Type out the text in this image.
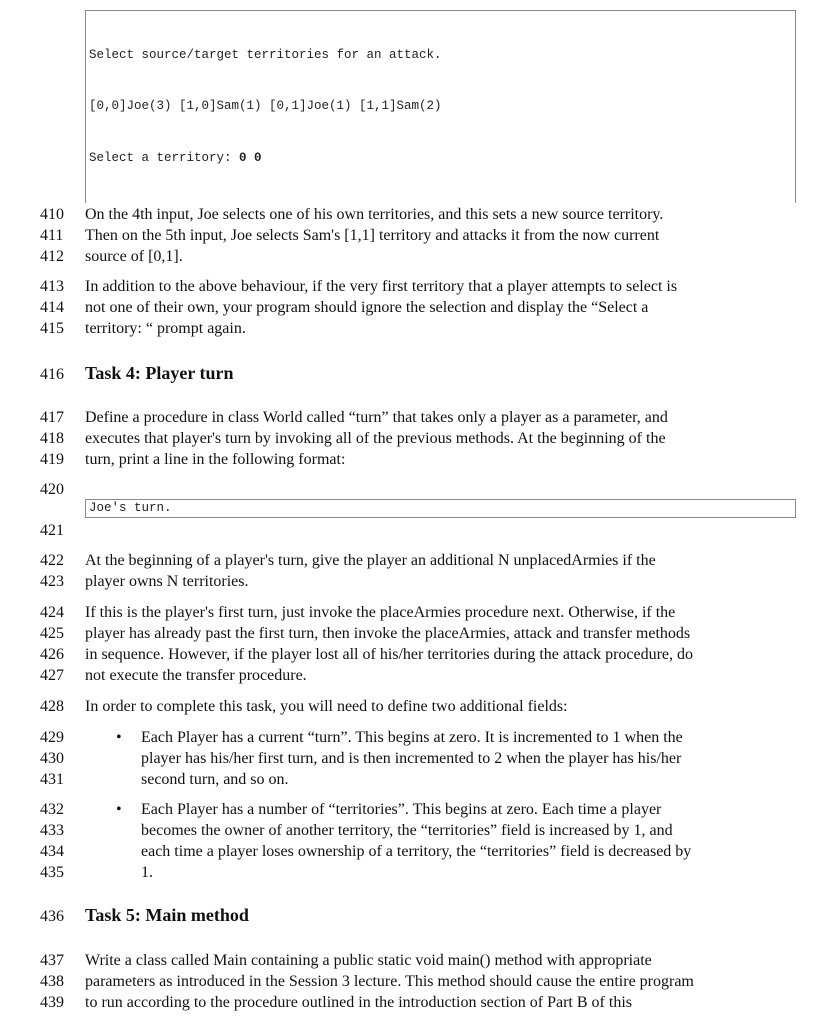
Select source/target territories for an attack.

[0,0]Joe(3) [1,0]Sam(1) [0,1]Joe(1) [1,1]Sam(2)

Select a territory: 0 0

410	On the 4th input, Joe selects one of his own territories, and this sets a new source territory.
411	Then on the 5th input, Joe selects Sam's [1,1] territory and attacks it from the now current
412	source of [0,1].
413	In addition to the above behaviour, if the very first territory that a player attempts to select is
414	not one of their own, your program should ignore the selection and display the “Select a
415	territory: “ prompt again.
416	Task 4: Player turn
417	Define a procedure in class World called “turn” that takes only a player as a parameter, and
418	executes that player's turn by invoking all of the previous methods. At the beginning of the
419	turn, print a line in the following format:
420
Joe's turn.
421
422	At the beginning of a player's turn, give the player an additional N unplacedArmies if the
423	player owns N territories.
424	If this is the player's first turn, just invoke the placeArmies procedure next. Otherwise, if the
425	player has already past the first turn, then invoke the placeArmies, attack and transfer methods
426	in sequence. However, if the player lost all of his/her territories during the attack procedure, do
427	not execute the transfer procedure.
428	In order to complete this task, you will need to define two additional fields:
429	• Each Player has a current “turn”. This begins at zero. It is incremented to 1 when the
430	player has his/her first turn, and is then incremented to 2 when the player has his/her
431	second turn, and so on.
432	• Each Player has a number of “territories”. This begins at zero. Each time a player
433	becomes the owner of another territory, the “territories” field is increased by 1, and
434	each time a player loses ownership of a territory, the “territories” field is decreased by
435	1.
436	Task 5: Main method
437	Write a class called Main containing a public static void main() method with appropriate
438	parameters as introduced in the Session 3 lecture. This method should cause the entire program
439	to run according to the procedure outlined in the introduction section of Part B of this
